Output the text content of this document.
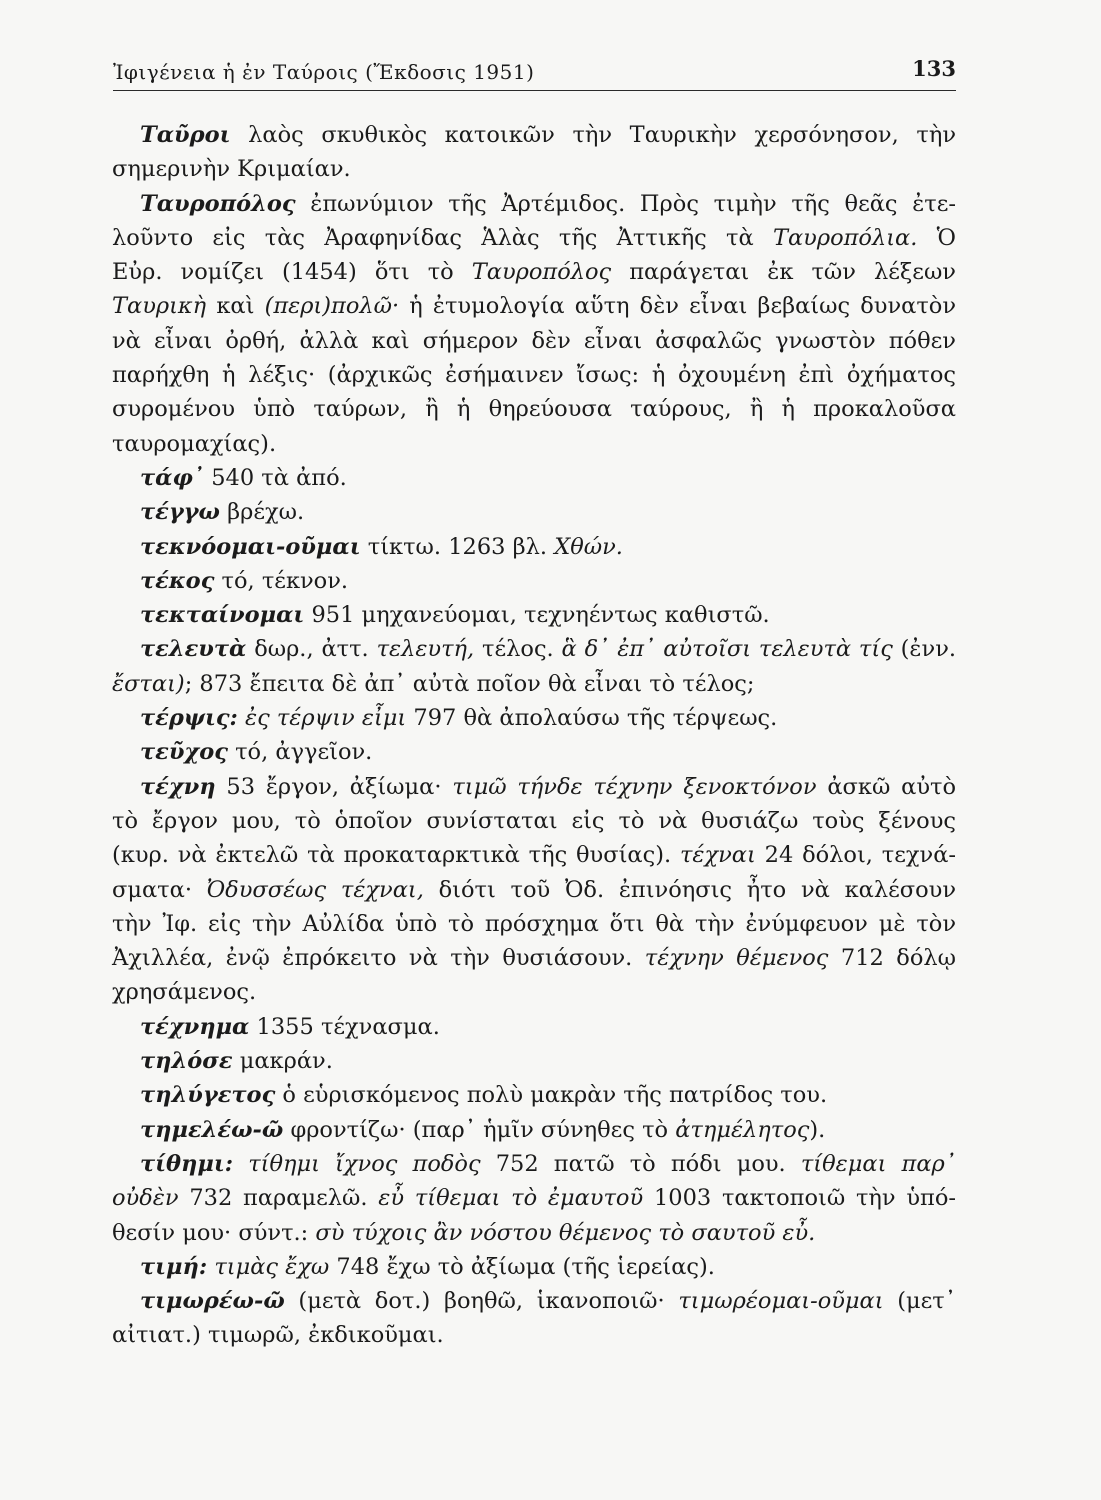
Ἰφιγένεια ἡ ἐν Ταύροις (Ἔκδοσις 1951)	133
Ταῦροι λαὸς σκυθικὸς κατοικῶν τὴν Ταυρικὴν χερσόνησον, τὴν
σημερινὴν Κριμαίαν.
Ταυροπόλος ἐπωνύμιον τῆς Ἀρτέμιδος. Πρὸς τιμὴν τῆς θεᾶς ἐτε-
λοῦντο εἰς τὰς Ἀραφηνίδας Ἁλὰς τῆς Ἀττικῆς τὰ Ταυροπόλια. Ὁ
Εὐρ. νομίζει (1454) ὅτι τὸ Ταυροπόλος παράγεται ἐκ τῶν λέξεων
Ταυρικὴ καὶ (περι)πολῶ· ἡ ἐτυμολογία αὕτη δὲν εἶναι βεβαίως δυνατὸν
νὰ εἶναι ὀρθή, ἀλλὰ καὶ σήμερον δὲν εἶναι ἀσφαλῶς γνωστὸν πόθεν
παρήχθη ἡ λέξις· (ἀρχικῶς ἐσήμαινεν ἴσως: ἡ ὀχουμένη ἐπὶ ὀχήματος
συρομένου ὑπὸ ταύρων, ἢ ἡ θηρεύουσα ταύρους, ἢ ἡ προκαλοῦσα
ταυρομαχίας).
τάφ᾽ 540 τὰ ἀπό.
τέγγω βρέχω.
τεκνόομαι-οῦμαι τίκτω. 1263 βλ. Χθών.
τέκος τό, τέκνον.
τεκταίνομαι 951 μηχανεύομαι, τεχνηέντως καθιστῶ.
τελευτὰ δωρ., ἀττ. τελευτή, τέλος. ἃ δ᾽ ἐπ᾽ αὐτοῖσι τελευτὰ τίς (ἐνν.
ἔσται); 873 ἔπειτα δὲ ἀπ᾽ αὐτὰ ποῖον θὰ εἶναι τὸ τέλος;
τέρψις: ἐς τέρψιν εἶμι 797 θὰ ἀπολαύσω τῆς τέρψεως.
τεῦχος τό, ἀγγεῖον.
τέχνη 53 ἔργον, ἀξίωμα· τιμῶ τήνδε τέχνην ξενοκτόνον ἀσκῶ αὐτὸ
τὸ ἔργον μου, τὸ ὁποῖον συνίσταται εἰς τὸ νὰ θυσιάζω τοὺς ξένους
(κυρ. νὰ ἐκτελῶ τὰ προκαταρκτικὰ τῆς θυσίας). τέχναι 24 δόλοι, τεχνά-
σματα· Ὀδυσσέως τέχναι, διότι τοῦ Ὀδ. ἐπινόησις ἦτο νὰ καλέσουν
τὴν Ἰφ. εἰς τὴν Αὐλίδα ὑπὸ τὸ πρόσχημα ὅτι θὰ τὴν ἐνύμφευον μὲ τὸν
Ἀχιλλέα, ἐνῷ ἐπρόκειτο νὰ τὴν θυσιάσουν. τέχνην θέμενος 712 δόλῳ
χρησάμενος.
τέχνημα 1355 τέχνασμα.
τηλόσε μακράν.
τηλύγετος ὁ εὑρισκόμενος πολὺ μακρὰν τῆς πατρίδος του.
τημελέω-ῶ φροντίζω· (παρ᾽ ἡμῖν σύνηθες τὸ ἀτημέλητος).
τίθημι: τίθημι ἴχνος ποδὸς 752 πατῶ τὸ πόδι μου. τίθεμαι παρ᾽
οὐδὲν 732 παραμελῶ. εὖ τίθεμαι τὸ ἐμαυτοῦ 1003 τακτοποιῶ τὴν ὑπό-
θεσίν μου· σύντ.: σὺ τύχοις ἂν νόστου θέμενος τὸ σαυτοῦ εὖ.
τιμή: τιμὰς ἔχω 748 ἔχω τὸ ἀξίωμα (τῆς ἱερείας).
τιμωρέω-ῶ (μετὰ δοτ.) βοηθῶ, ἱκανοποιῶ· τιμωρέομαι-οῦμαι (μετ᾽
αἰτιατ.) τιμωρῶ, ἐκδικοῦμαι.
